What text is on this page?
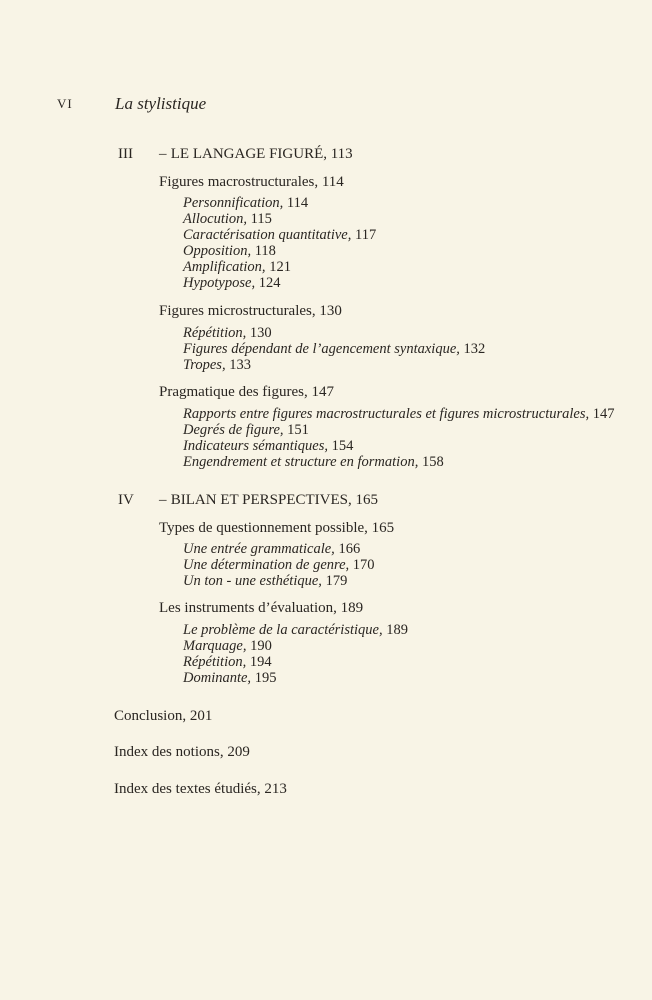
VI La stylistique
III – LE LANGAGE FIGURÉ, 113
Figures macrostructurales, 114
Personnification, 114
Allocution, 115
Caractérisation quantitative, 117
Opposition, 118
Amplification, 121
Hypotypose, 124
Figures microstructurales, 130
Répétition, 130
Figures dépendant de l’agencement syntaxique, 132
Tropes, 133
Pragmatique des figures, 147
Rapports entre figures macrostructurales et figures microstructurales, 147
Degrés de figure, 151
Indicateurs sémantiques, 154
Engendrement et structure en formation, 158
IV – BILAN ET PERSPECTIVES, 165
Types de questionnement possible, 165
Une entrée grammaticale, 166
Une détermination de genre, 170
Un ton - une esthétique, 179
Les instruments d’évaluation, 189
Le problème de la caractéristique, 189
Marquage, 190
Répétition, 194
Dominante, 195
Conclusion, 201
Index des notions, 209
Index des textes étudiés, 213
